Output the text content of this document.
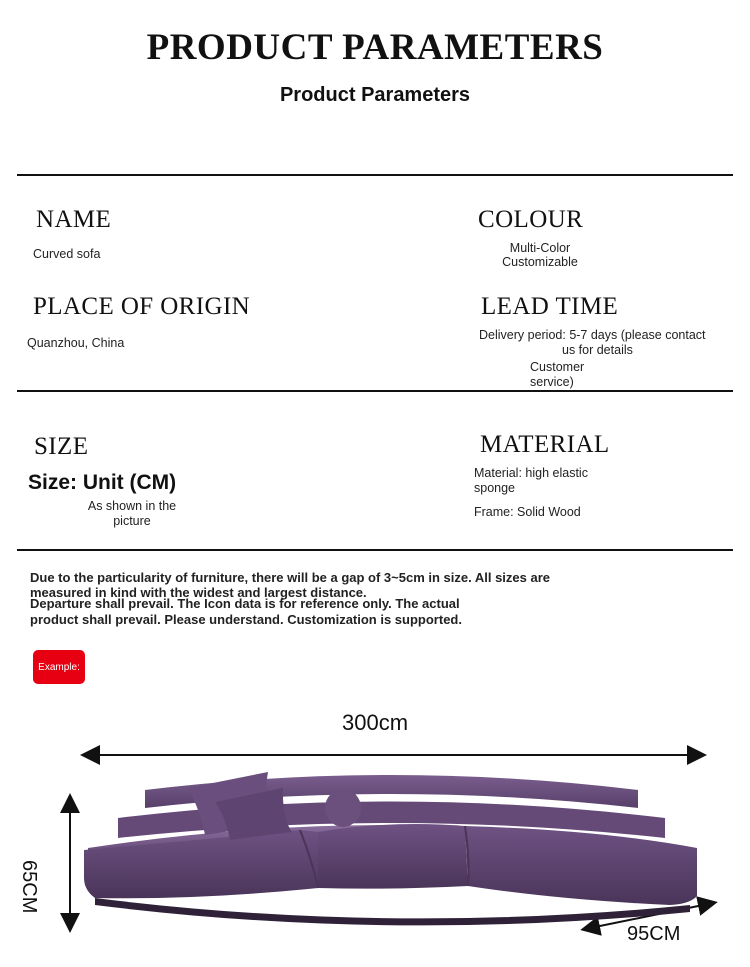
PRODUCT PARAMETERS
Product Parameters
NAME
Curved sofa
COLOUR
Multi-Color
Customizable
PLACE OF ORIGIN
Quanzhou, China
LEAD TIME
Delivery period: 5-7 days (please contact
us for details
Customer
service)
SIZE
Size: Unit (CM)
As shown in the
picture
MATERIAL
Material: high elastic
sponge
Frame: Solid Wood
Due to the particularity of furniture, there will be a gap of 3~5cm in size. All sizes are
measured in kind with the widest and largest distance.
Departure shall prevail. The Icon data is for reference only. The actual
product shall prevail. Please understand. Customization is supported.
Example:
300cm
65CM
95CM
